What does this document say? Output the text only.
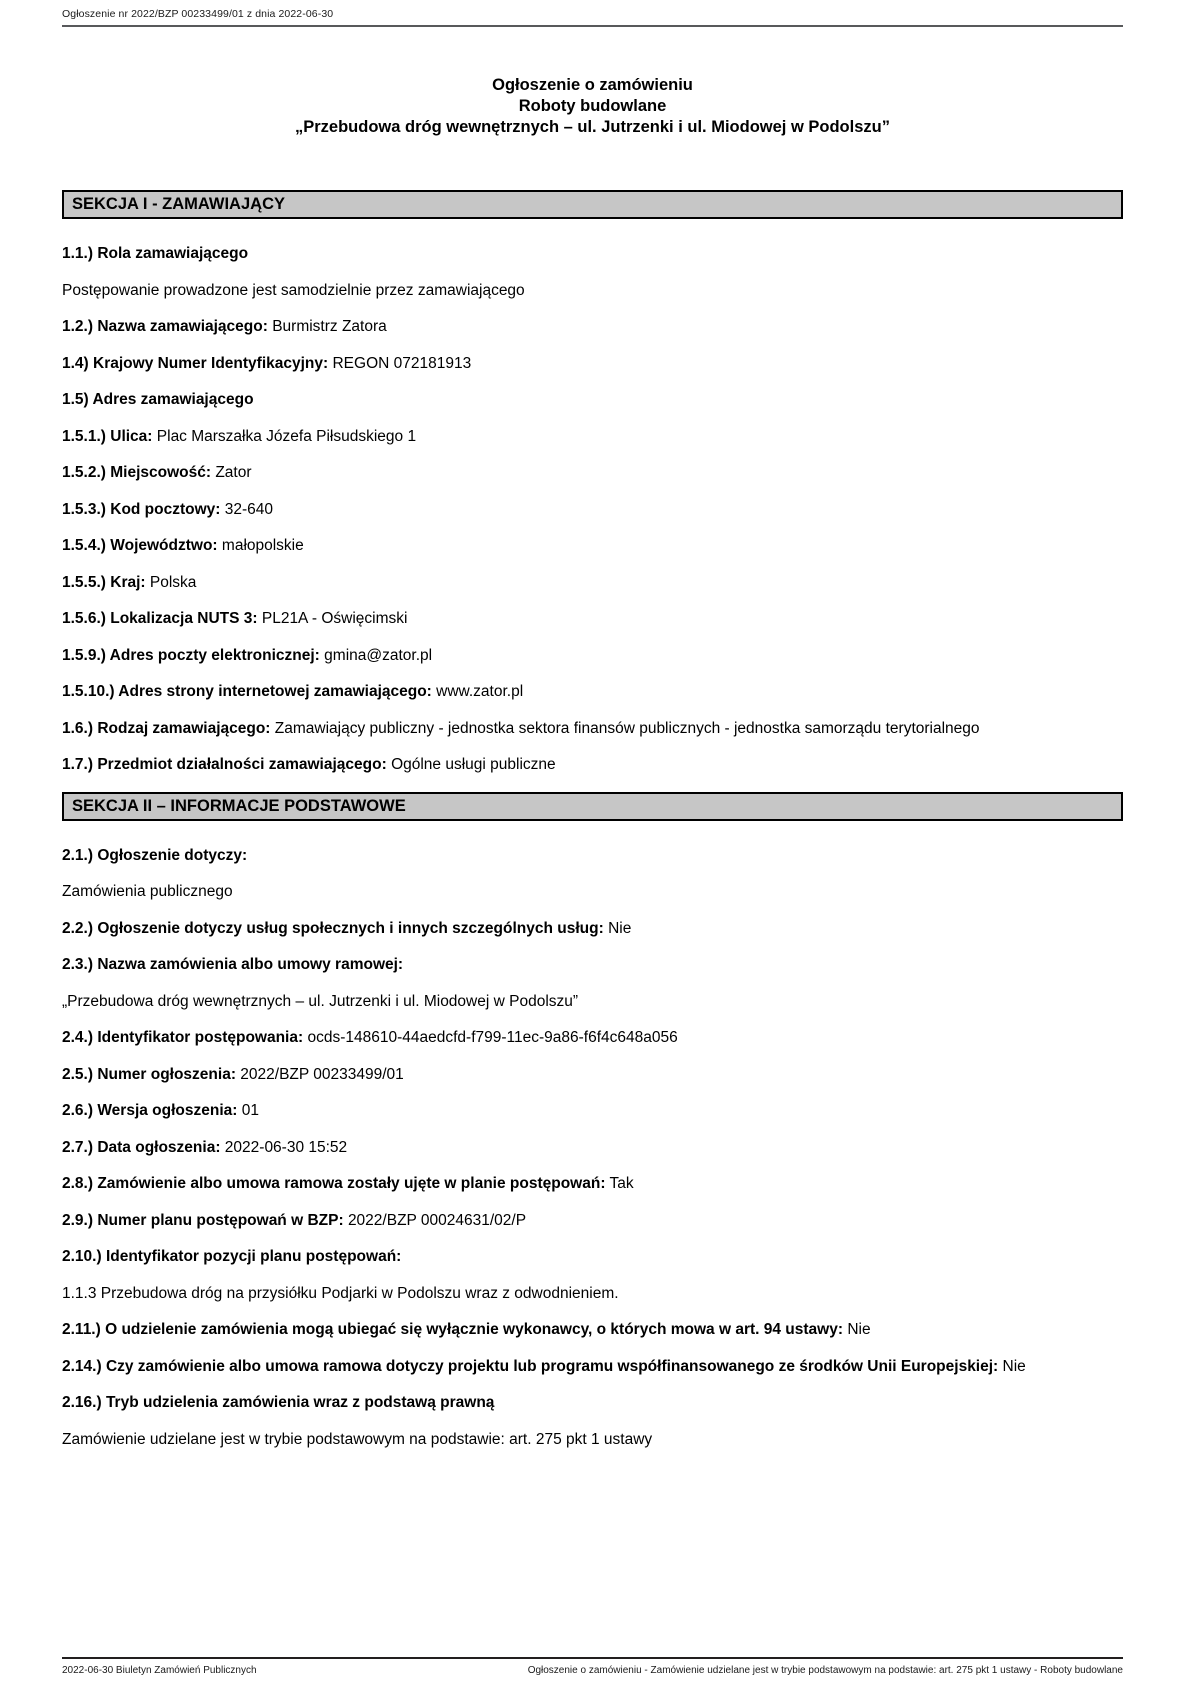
Ogłoszenie nr 2022/BZP 00233499/01 z dnia 2022-06-30
Ogłoszenie o zamówieniu
Roboty budowlane
„Przebudowa dróg wewnętrznych – ul. Jutrzenki i ul. Miodowej w Podolszu”
SEKCJA I - ZAMAWIAJĄCY

1.1.) Rola zamawiającego

Postępowanie prowadzone jest samodzielnie przez zamawiającego

1.2.) Nazwa zamawiającego: Burmistrz Zatora

1.4) Krajowy Numer Identyfikacyjny: REGON 072181913

1.5) Adres zamawiającego

1.5.1.) Ulica: Plac Marszałka Józefa Piłsudskiego 1

1.5.2.) Miejscowość: Zator

1.5.3.) Kod pocztowy: 32-640

1.5.4.) Województwo: małopolskie

1.5.5.) Kraj: Polska

1.5.6.) Lokalizacja NUTS 3: PL21A - Oświęcimski

1.5.9.) Adres poczty elektronicznej: gmina@zator.pl

1.5.10.) Adres strony internetowej zamawiającego: www.zator.pl

1.6.) Rodzaj zamawiającego: Zamawiający publiczny - jednostka sektora finansów publicznych - jednostka samorządu terytorialnego

1.7.) Przedmiot działalności zamawiającego: Ogólne usługi publiczne

SEKCJA II – INFORMACJE PODSTAWOWE

2.1.) Ogłoszenie dotyczy:

Zamówienia publicznego

2.2.) Ogłoszenie dotyczy usług społecznych i innych szczególnych usług: Nie

2.3.) Nazwa zamówienia albo umowy ramowej:

„Przebudowa dróg wewnętrznych – ul. Jutrzenki i ul. Miodowej w Podolszu”

2.4.) Identyfikator postępowania: ocds-148610-44aedcfd-f799-11ec-9a86-f6f4c648a056

2.5.) Numer ogłoszenia: 2022/BZP 00233499/01

2.6.) Wersja ogłoszenia: 01

2.7.) Data ogłoszenia: 2022-06-30 15:52

2.8.) Zamówienie albo umowa ramowa zostały ujęte w planie postępowań: Tak

2.9.) Numer planu postępowań w BZP: 2022/BZP 00024631/02/P

2.10.) Identyfikator pozycji planu postępowań:

1.1.3 Przebudowa dróg na przysiółku Podjarki w Podolszu wraz z odwodnieniem.

2.11.) O udzielenie zamówienia mogą ubiegać się wyłącznie wykonawcy, o których mowa w art. 94 ustawy: Nie

2.14.) Czy zamówienie albo umowa ramowa dotyczy projektu lub programu współfinansowanego ze środków Unii Europejskiej: Nie

2.16.) Tryb udzielenia zamówienia wraz z podstawą prawną

Zamówienie udzielane jest w trybie podstawowym na podstawie: art. 275 pkt 1 ustawy

2022-06-30 Biuletyn Zamówień Publicznych	Ogłoszenie o zamówieniu - Zamówienie udzielane jest w trybie podstawowym na podstawie: art. 275 pkt 1 ustawy - Roboty budowlane
